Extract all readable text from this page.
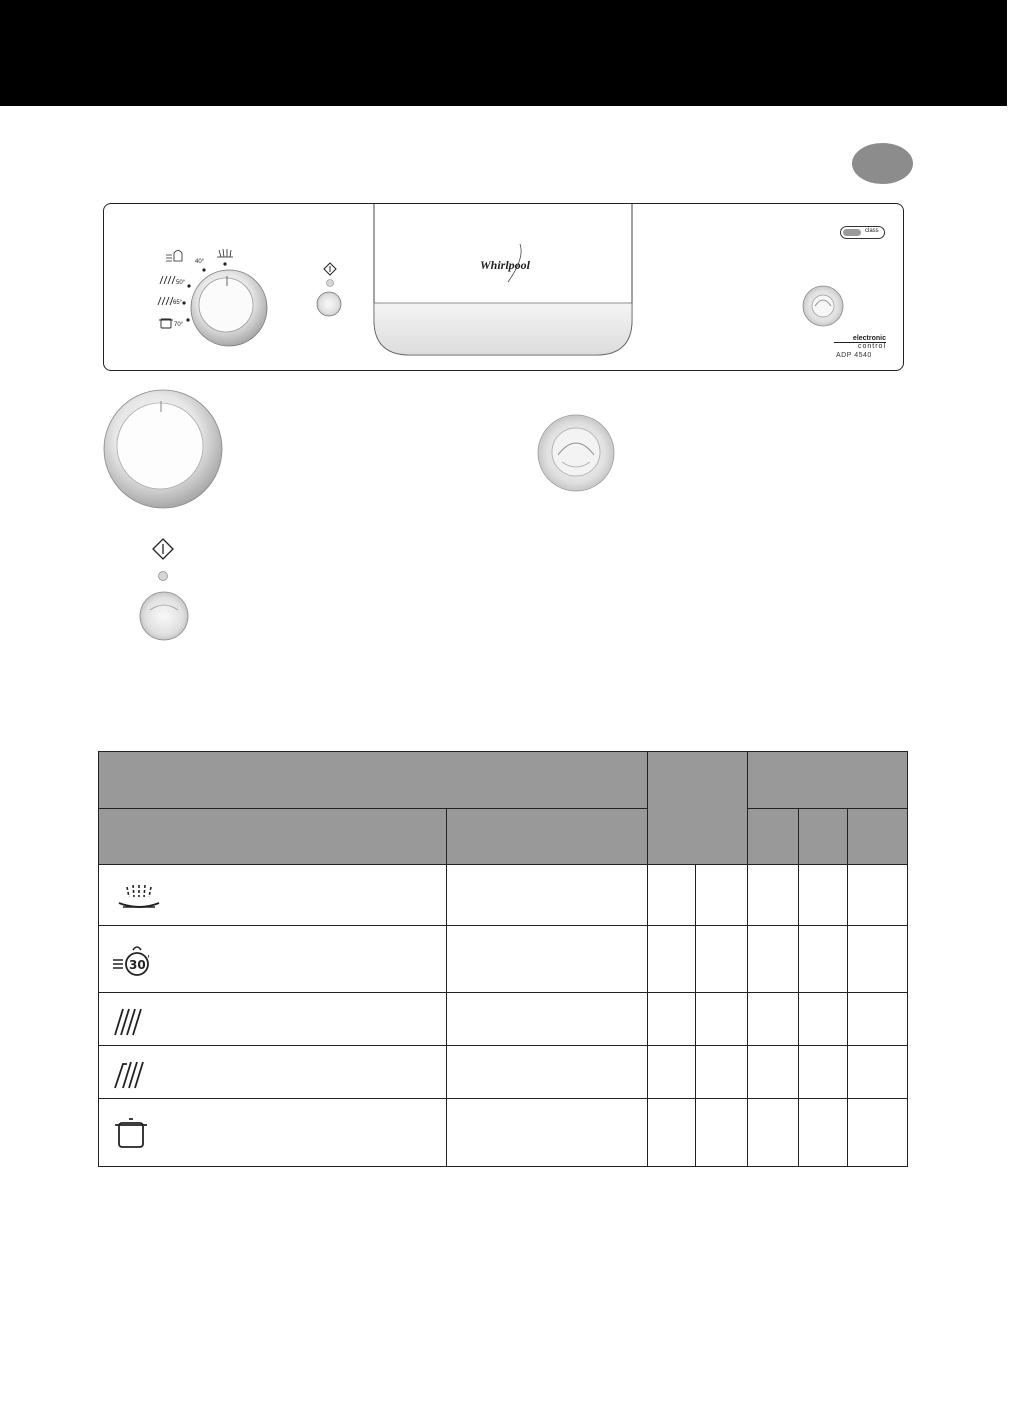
Whirlpool
class
electronic
control
ADP 4540
40°
50°
65°
70°

30 '						
